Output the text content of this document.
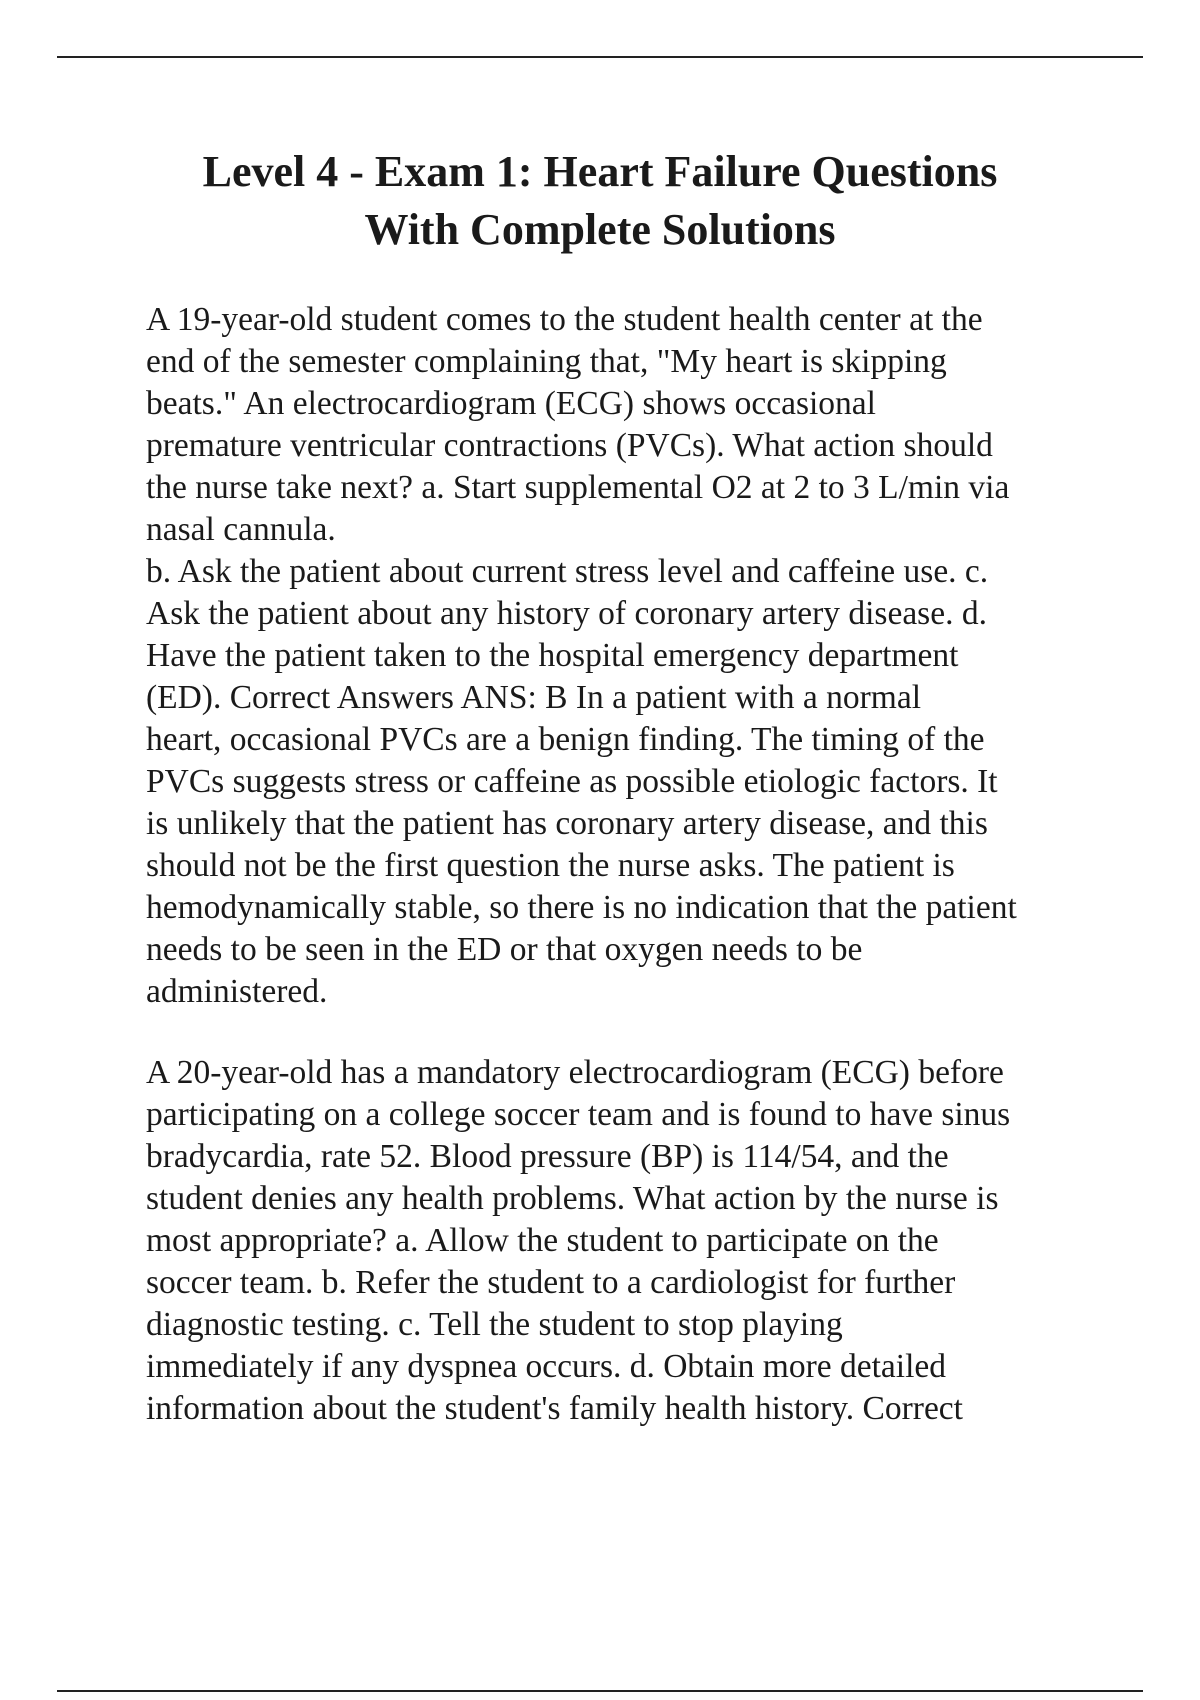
Level 4 - Exam 1: Heart Failure Questions
With Complete Solutions
A 19-year-old student comes to the student health center at the
end of the semester complaining that, "My heart is skipping
beats." An electrocardiogram (ECG) shows occasional
premature ventricular contractions (PVCs). What action should
the nurse take next? a. Start supplemental O2 at 2 to 3 L/min via
nasal cannula.
b. Ask the patient about current stress level and caffeine use. c.
Ask the patient about any history of coronary artery disease. d.
Have the patient taken to the hospital emergency department
(ED). Correct Answers ANS: B In a patient with a normal
heart, occasional PVCs are a benign finding. The timing of the
PVCs suggests stress or caffeine as possible etiologic factors. It
is unlikely that the patient has coronary artery disease, and this
should not be the first question the nurse asks. The patient is
hemodynamically stable, so there is no indication that the patient
needs to be seen in the ED or that oxygen needs to be
administered.
A 20-year-old has a mandatory electrocardiogram (ECG) before
participating on a college soccer team and is found to have sinus
bradycardia, rate 52. Blood pressure (BP) is 114/54, and the
student denies any health problems. What action by the nurse is
most appropriate? a. Allow the student to participate on the
soccer team. b. Refer the student to a cardiologist for further
diagnostic testing. c. Tell the student to stop playing
immediately if any dyspnea occurs. d. Obtain more detailed
information about the student's family health history. Correct
